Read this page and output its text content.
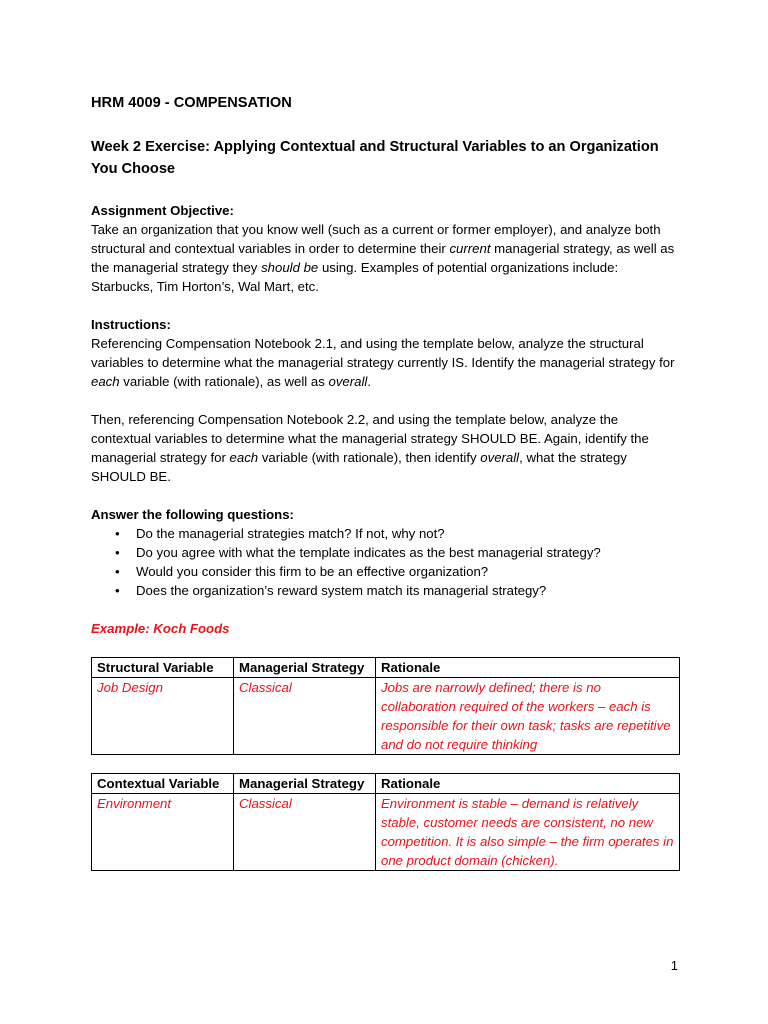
HRM 4009 - COMPENSATION
Week 2 Exercise: Applying Contextual and Structural Variables to an Organization You Choose
Assignment Objective:

Take an organization that you know well (such as a current or former employer), and analyze both structural and contextual variables in order to determine their current managerial strategy, as well as the managerial strategy they should be using. Examples of potential organizations include: Starbucks, Tim Horton’s, Wal Mart, etc.

Instructions:

Referencing Compensation Notebook 2.1, and using the template below, analyze the structural variables to determine what the managerial strategy currently IS. Identify the managerial strategy for each variable (with rationale), as well as overall.

Then, referencing Compensation Notebook 2.2, and using the template below, analyze the contextual variables to determine what the managerial strategy SHOULD BE. Again, identify the managerial strategy for each variable (with rationale), then identify overall, what the strategy SHOULD BE.

Answer the following questions:
• Do the managerial strategies match? If not, why not?
• Do you agree with what the template indicates as the best managerial strategy?
• Would you consider this firm to be an effective organization?
• Does the organization’s reward system match its managerial strategy?
Example: Koch Foods
Structural Variable	Managerial Strategy	Rationale
Job Design	Classical	Jobs are narrowly defined; there is no collaboration required of the workers – each is responsible for their own task; tasks are repetitive and do not require thinking
Contextual Variable	Managerial Strategy	Rationale
Environment	Classical	Environment is stable – demand is relatively stable, customer needs are consistent, no new competition. It is also simple – the firm operates in one product domain (chicken).
1
